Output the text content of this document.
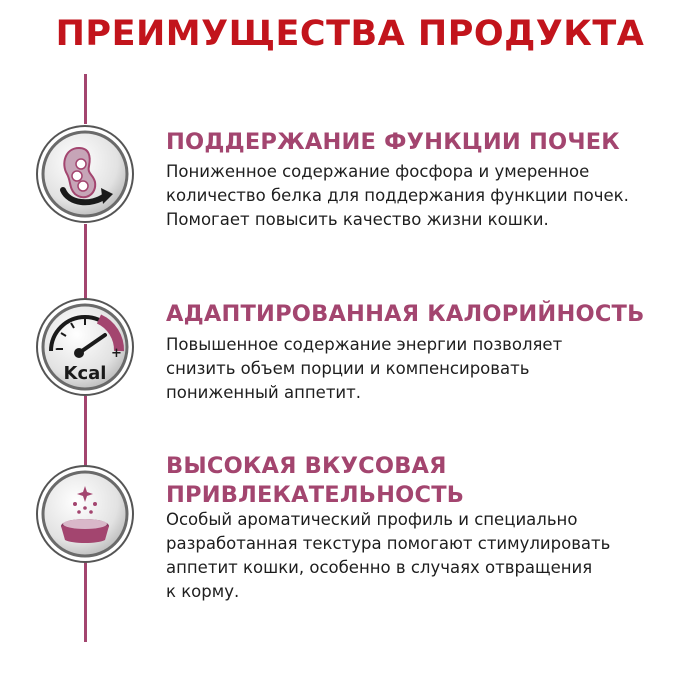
ПРЕИМУЩЕСТВА ПРОДУКТА
ПОДДЕРЖАНИЕ ФУНКЦИИ ПОЧЕК
Пониженное содержание фосфора и умеренное
количество белка для поддержания функции почек.
Помогает повысить качество жизни кошки.
–	+
Kcal
АДАПТИРОВАННАЯ КАЛОРИЙНОСТЬ
Повышенное содержание энергии позволяет
снизить объем порции и компенсировать
пониженный аппетит.
ВЫСОКАЯ ВКУСОВАЯ
ПРИВЛЕКАТЕЛЬНОСТЬ
Особый ароматический профиль и специально
разработанная текстура помогают стимулировать
аппетит кошки, особенно в случаях отвращения
к корму.
